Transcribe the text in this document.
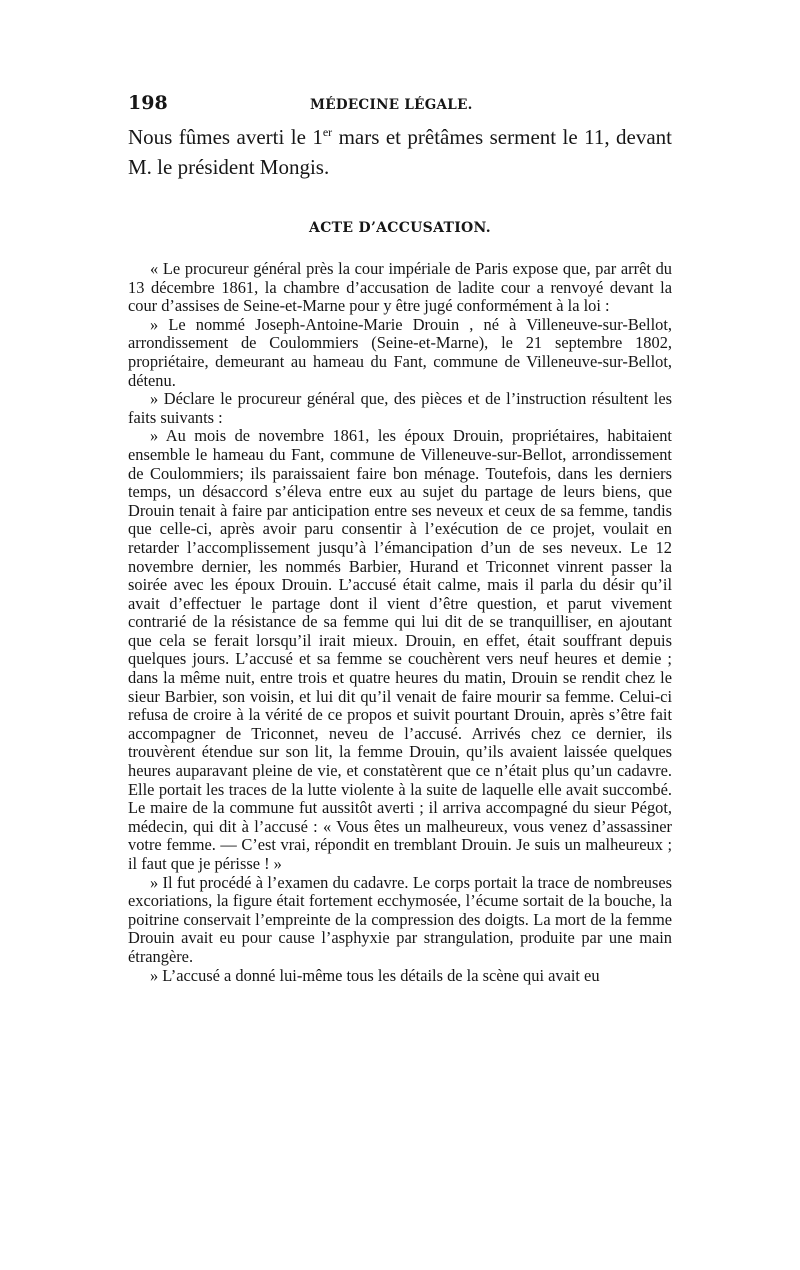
198	MÉDECINE LÉGALE.

Nous fûmes averti le 1er mars et prêtâmes serment le 11, devant M. le président Mongis.

ACTE D’ACCUSATION.

« Le procureur général près la cour impériale de Paris expose que, par arrêt du 13 décembre 1861, la chambre d’accusation de ladite cour a renvoyé devant la cour d’assises de Seine-et-Marne pour y être jugé conformément à la loi :

» Le nommé Joseph-Antoine-Marie Drouin , né à Villeneuve-sur-Bellot, arrondissement de Coulommiers (Seine-et-Marne), le 21 septembre 1802, propriétaire, demeurant au hameau du Fant, commune de Villeneuve-sur-Bellot, détenu.

» Déclare le procureur général que, des pièces et de l’instruction résultent les faits suivants :

» Au mois de novembre 1861, les époux Drouin, propriétaires, habitaient ensemble le hameau du Fant, commune de Villeneuve-sur-Bellot, arrondissement de Coulommiers; ils paraissaient faire bon ménage. Toutefois, dans les derniers temps, un désaccord s’éleva entre eux au sujet du partage de leurs biens, que Drouin tenait à faire par anticipation entre ses neveux et ceux de sa femme, tandis que celle-ci, après avoir paru consentir à l’exécution de ce projet, voulait en retarder l’accomplissement jusqu’à l’émancipation d’un de ses neveux. Le 12 novembre dernier, les nommés Barbier, Hurand et Triconnet vinrent passer la soirée avec les époux Drouin. L’accusé était calme, mais il parla du désir qu’il avait d’effectuer le partage dont il vient d’être question, et parut vivement contrarié de la résistance de sa femme qui lui dit de se tranquilliser, en ajoutant que cela se ferait lorsqu’il irait mieux. Drouin, en effet, était souffrant depuis quelques jours. L’accusé et sa femme se couchèrent vers neuf heures et demie ; dans la même nuit, entre trois et quatre heures du matin, Drouin se rendit chez le sieur Barbier, son voisin, et lui dit qu’il venait de faire mourir sa femme. Celui-ci refusa de croire à la vérité de ce propos et suivit pourtant Drouin, après s’être fait accompagner de Triconnet, neveu de l’accusé. Arrivés chez ce dernier, ils trouvèrent étendue sur son lit, la femme Drouin, qu’ils avaient laissée quelques heures auparavant pleine de vie, et constatèrent que ce n’était plus qu’un cadavre. Elle portait les traces de la lutte violente à la suite de laquelle elle avait succombé. Le maire de la commune fut aussitôt averti ; il arriva accompagné du sieur Pégot, médecin, qui dit à l’accusé : « Vous êtes un malheureux, vous venez d’assassiner votre femme. — C’est vrai, répondit en tremblant Drouin. Je suis un malheureux ; il faut que je périsse ! »

» Il fut procédé à l’examen du cadavre. Le corps portait la trace de nombreuses excoriations, la figure était fortement ecchymosée, l’écume sortait de la bouche, la poitrine conservait l’empreinte de la compression des doigts. La mort de la femme Drouin avait eu pour cause l’asphyxie par strangulation, produite par une main étrangère.

» L’accusé a donné lui-même tous les détails de la scène qui avait eu
